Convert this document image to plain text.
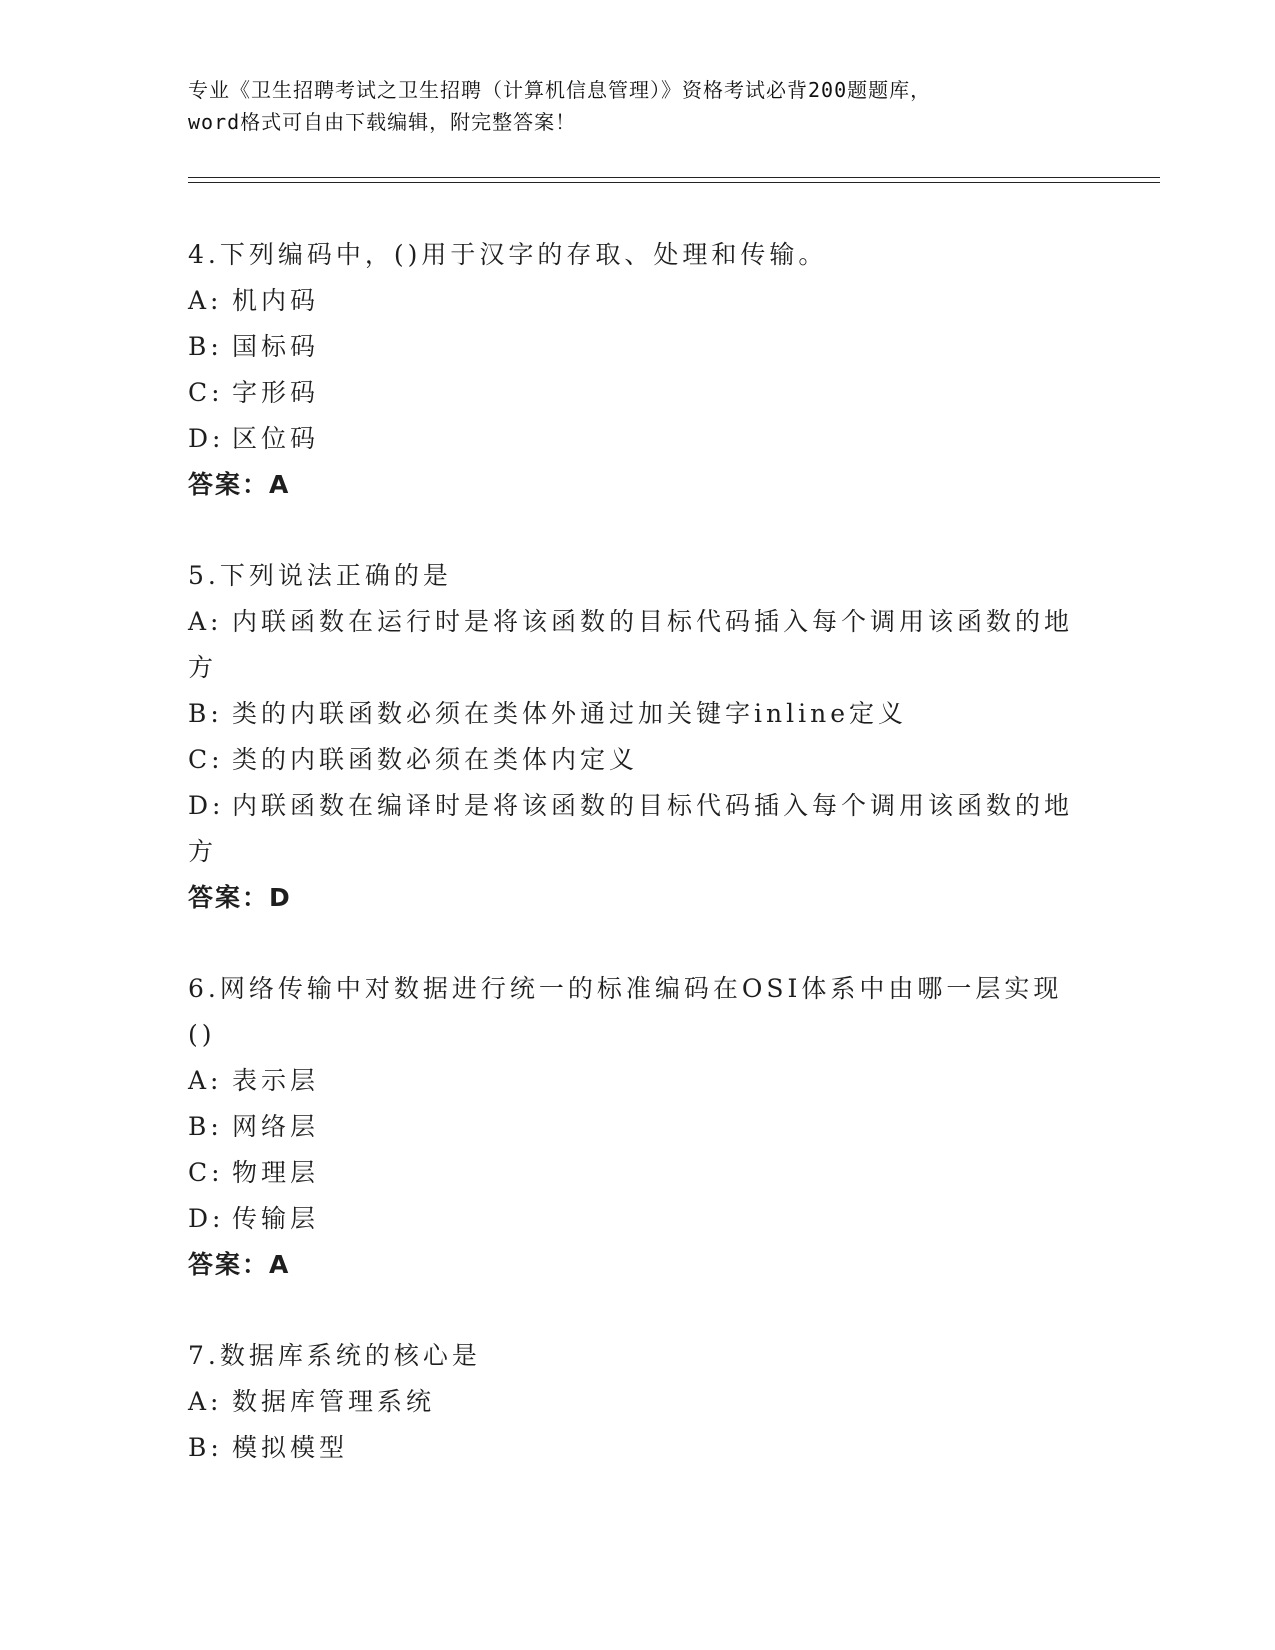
专业《卫生招聘考试之卫生招聘（计算机信息管理）》资格考试必背200题题库，

word格式可自由下载编辑，附完整答案！

4.下列编码中，()用于汉字的存取、处理和传输。

A: 机内码

B: 国标码

C: 字形码

D: 区位码

答案：A

5.下列说法正确的是

A: 内联函数在运行时是将该函数的目标代码插入每个调用该函数的地方

B: 类的内联函数必须在类体外通过加关键字inline定义

C: 类的内联函数必须在类体内定义

D: 内联函数在编译时是将该函数的目标代码插入每个调用该函数的地方

答案：D

6.网络传输中对数据进行统一的标准编码在OSI体系中由哪一层实现()

A: 表示层

B: 网络层

C: 物理层

D: 传输层

答案：A

7.数据库系统的核心是

A: 数据库管理系统

B: 模拟模型
